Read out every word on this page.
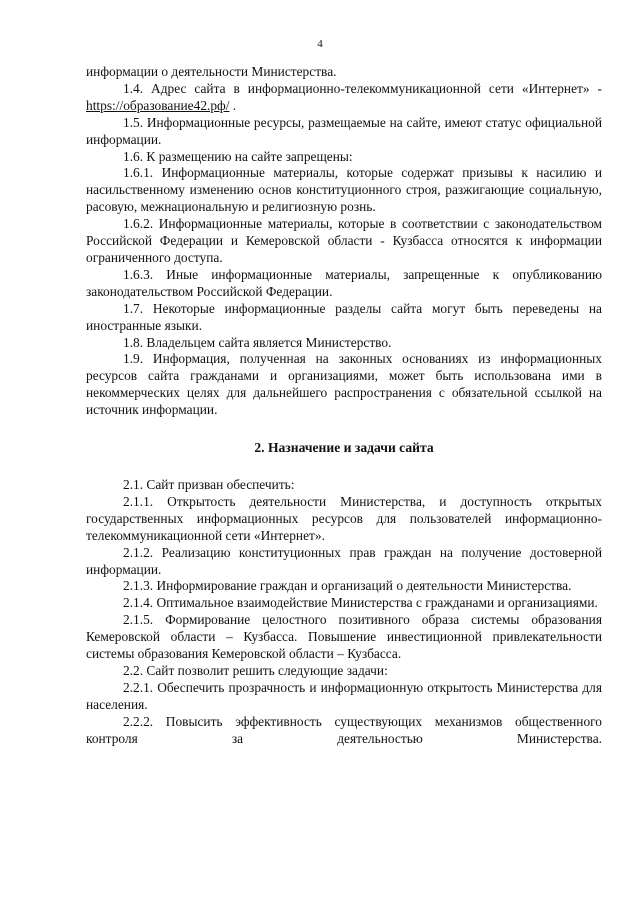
4

информации о деятельности Министерства.

1.4. Адрес сайта в информационно-телекоммуникационной сети «Интернет» - https://образование42.рф/ .

1.5. Информационные ресурсы, размещаемые на сайте, имеют статус официальной информации.

1.6. К размещению на сайте запрещены:

1.6.1. Информационные материалы, которые содержат призывы к насилию и насильственному изменению основ конституционного строя, разжигающие социальную, расовую, межнациональную и религиозную рознь.

1.6.2. Информационные материалы, которые в соответствии с законодательством Российской Федерации и Кемеровской области - Кузбасса относятся к информации ограниченного доступа.

1.6.3. Иные информационные материалы, запрещенные к опубликованию законодательством Российской Федерации.

1.7. Некоторые информационные разделы сайта могут быть переведены на иностранные языки.

1.8. Владельцем сайта является Министерство.

1.9. Информация, полученная на законных основаниях из информационных ресурсов сайта гражданами и организациями, может быть использована ими в некоммерческих целях для дальнейшего распространения с обязательной ссылкой на источник информации.

2. Назначение и задачи сайта

2.1. Сайт призван обеспечить:

2.1.1. Открытость деятельности Министерства, и доступность открытых государственных информационных ресурсов для пользователей информационно-телекоммуникационной сети «Интернет».

2.1.2. Реализацию конституционных прав граждан на получение достоверной информации.

2.1.3. Информирование граждан и организаций о деятельности Министерства.

2.1.4. Оптимальное взаимодействие Министерства с гражданами и организациями.

2.1.5. Формирование целостного позитивного образа системы образования Кемеровской области – Кузбасса. Повышение инвестиционной привлекательности системы образования Кемеровской области – Кузбасса.

2.2. Сайт позволит решить следующие задачи:

2.2.1. Обеспечить прозрачность и информационную открытость Министерства для населения.

2.2.2. Повысить эффективность существующих механизмов общественного контроля за деятельностью Министерства.
